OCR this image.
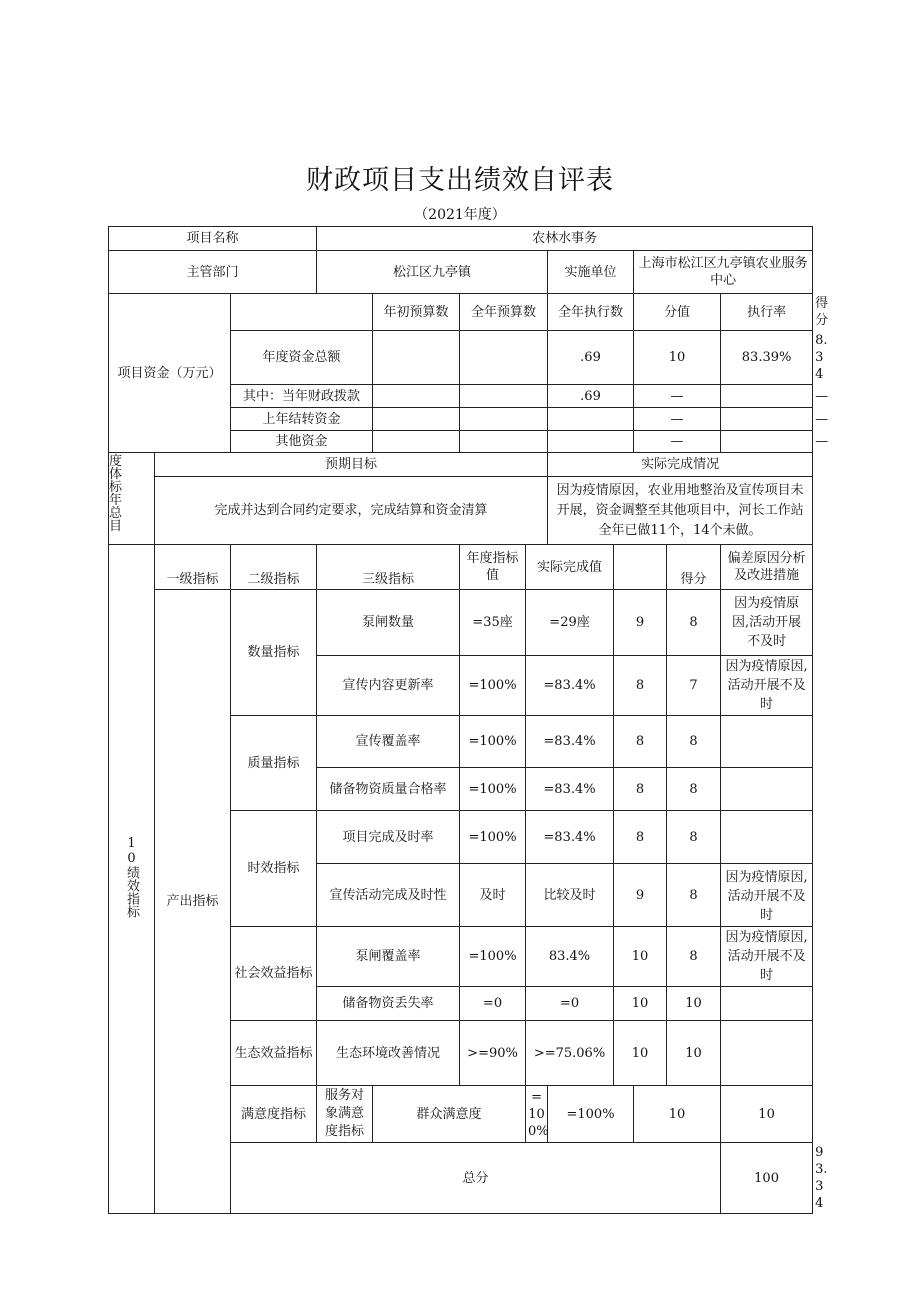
财政项目支出绩效自评表
（2021年度）
项目名称			农林水事务									
主管部门			松江区九亭镇				实施单位		上海市松江区九亭镇农业服务中心			
项目资金（万元）				年初预算数	全年预算数		全年执行数		分值		执行率	得分
		年度资金总额					.69		10		83.39%	8.34
		其中：当年财政拨款					.69		—			—
		上年结转资金							—			—
		其他资金							—			—
度体标年总目	预期目标						实际完成情况					
	完成并达到合同约定要求，完成结算和资金清算						因为疫情原因，农业用地整治及宣传项目未开展，资金调整至其他项目中，河长工作站全年已做11个，14个未做。					
10绩效指标	一级指标	二级指标	三级指标		年度指标值	实际完成值				得分	偏差原因分析及改进措施	
	产出指标	数量指标	泵闸数量		=35座	=29座		9		8	因为疫情原因,活动开展不及时	
			宣传内容更新率		=100%	=83.4%		8		7	因为疫情原因,活动开展不及时	
		质量指标	宣传覆盖率		=100%	=83.4%		8		8		
			储备物资质量合格率		=100%	=83.4%		8		8		
		时效指标	项目完成及时率		=100%	=83.4%		8		8		
			宣传活动完成及时性		及时	比较及时		9		8	因为疫情原因,活动开展不及时	
		社会效益指标	泵闸覆盖率		=100%	83.4%		10		8	因为疫情原因,活动开展不及时	
			储备物资丢失率		=0	=0		10		10		
		生态效益指标	生态环境改善情况		>=90%	>=75.06%		10		10		
		满意度指标	服务对象满意度指标	群众满意度		=100%	=100%		10		10	
		总分									100	93.34	
